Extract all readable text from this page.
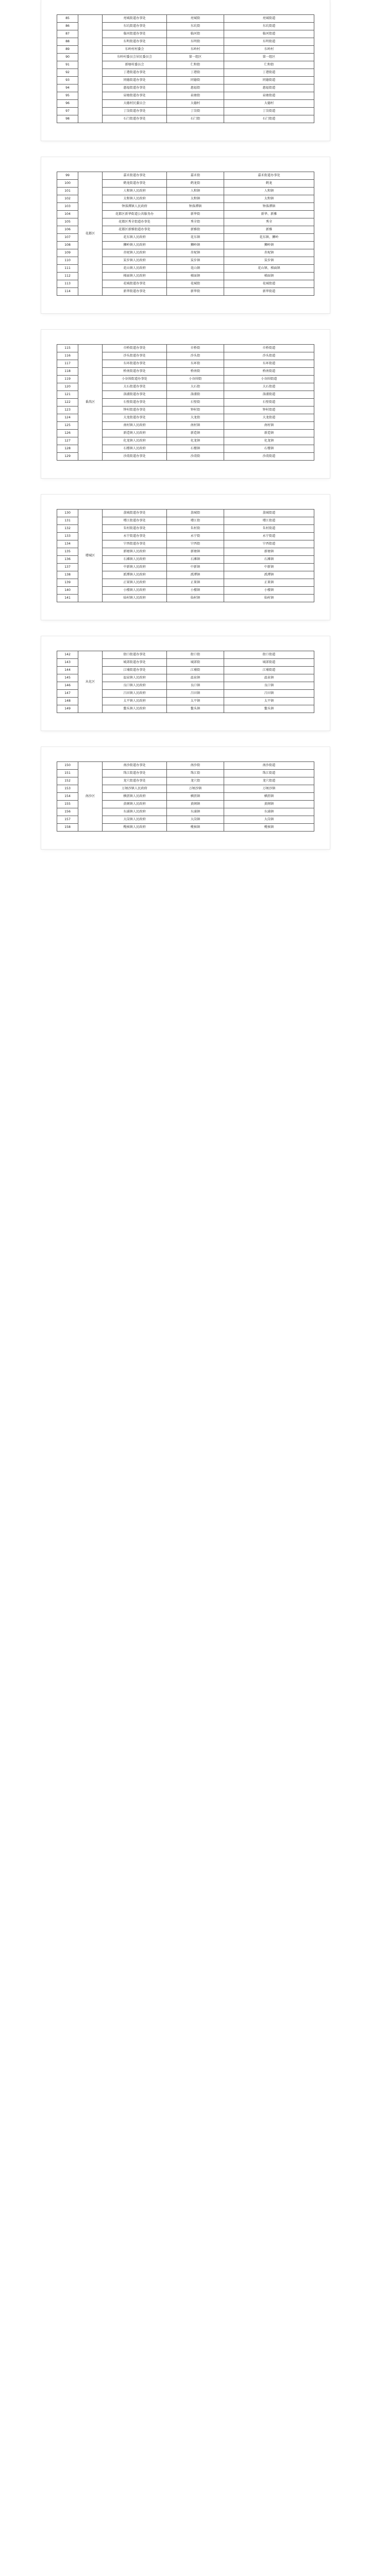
85		亮城街道办事处	亮城街	亮城街道
86		东坑街道办事处	东坑街	东坑街道
87		临河街道办事处	临河街	临河街道
88		东明街道办事处	东明街	东明街道
89		东岭村村委会	东岭村	东岭村
90		东岭村委员会居民委员会	第一组区	第一组区
91		新塘村委员会	仁和街	仁和街
92		丁港街道办事处	丁港街	丁港街道
93		同德街道办事处	同德街	同德街道
94		惠福街道办事处	惠福街	惠福街道
95		泉塘街道办事处	泉塘街	泉塘街道
96		大德村民委员会	大德村	大德村
97		丁岗街道办事处	丁岗街	丁岗街道
98		石门街道办事处	石门街	石门街道
99	花都区	嘉禾街道办事处	嘉禾街	嘉禾街道办事处
100		鹤龙街道办事处	鹤龙街	鹤龙
101		人和镇人民政府	人和镇	人和镇
102		太和镇人民政府	太和镇	太和镇
103		钟落潭镇人民政府	钟落潭镇	钟落潭镇
104		花都区新华街道公共服务办	新华街	新华、新雅
105		花都区秀全街道办事处	秀全街	秀全
106		花都区新雅街道办事处	新雅街	新雅
107		花东镇人民政府	花东镇	花东镇、狮岭
108		狮岭镇人民政府	狮岭镇	狮岭镇
109		赤坭镇人民政府	赤坭镇	赤坭镇
110		炭步镇人民政府	炭步镇	炭步镇
111		花山镇人民政府	花山镇	花山镇、梯面镇
112		梯面镇人民政府	梯面镇	梯面镇
113		花城街道办事处	花城街	花城街道
114		新华街道办事处	新华街	新华街道
115	番禺区	市桥街道办事处	市桥街	市桥街道
116		沙头街道办事处	沙头街	沙头街道
117		东环街道办事处	东环街	东环街道
118		桥南街道办事处	桥南街	桥南街道
119		小谷围街道办事处	小谷围街	小谷围街道
120		大石街道办事处	大石街	大石街道
121		洛浦街道办事处	洛浦街	洛浦街道
122		石壁街道办事处	石壁街	石壁街道
123		钟村街道办事处	钟村街	钟村街道
124		大龙街道办事处	大龙街	大龙街道
125		南村镇人民政府	南村镇	南村镇
126		新造镇人民政府	新造镇	新造镇
127		化龙镇人民政府	化龙镇	化龙镇
128		石楼镇人民政府	石楼镇	石楼镇
129		沙湾街道办事处	沙湾街	沙湾街道
130	增城区	荔城街道办事处	荔城街	荔城街道
131		增江街道办事处	增江街	增江街道
132		朱村街道办事处	朱村街	朱村街道
133		永宁街道办事处	永宁街	永宁街道
134		宁西街道办事处	宁西街	宁西街道
135		新塘镇人民政府	新塘镇	新塘镇
136		石滩镇人民政府	石滩镇	石滩镇
137		中新镇人民政府	中新镇	中新镇
138		派潭镇人民政府	派潭镇	派潭镇
139		正果镇人民政府	正果镇	正果镇
140		小楼镇人民政府	小楼镇	小楼镇
141		仙村镇人民政府	仙村镇	仙村镇
142	从化区	街口街道办事处	街口街	街口街道
143		城郊街道办事处	城郊街	城郊街道
144		江埔街道办事处	江埔街	江埔街道
145		温泉镇人民政府	温泉镇	温泉镇
146		良口镇人民政府	良口镇	良口镇
147		吕田镇人民政府	吕田镇	吕田镇
148		太平镇人民政府	太平镇	太平镇
149		鳌头镇人民政府	鳌头镇	鳌头镇
150	南沙区	南沙街道办事处	南沙街	南沙街道
151		珠江街道办事处	珠江街	珠江街道
152		龙穴街道办事处	龙穴街	龙穴街道
153		万顷沙镇人民政府	万顷沙镇	万顷沙镇
154		横沥镇人民政府	横沥镇	横沥镇
155		黄阁镇人民政府	黄阁镇	黄阁镇
156		东涌镇人民政府	东涌镇	东涌镇
157		大岗镇人民政府	大岗镇	大岗镇
158		榄核镇人民政府	榄核镇	榄核镇
